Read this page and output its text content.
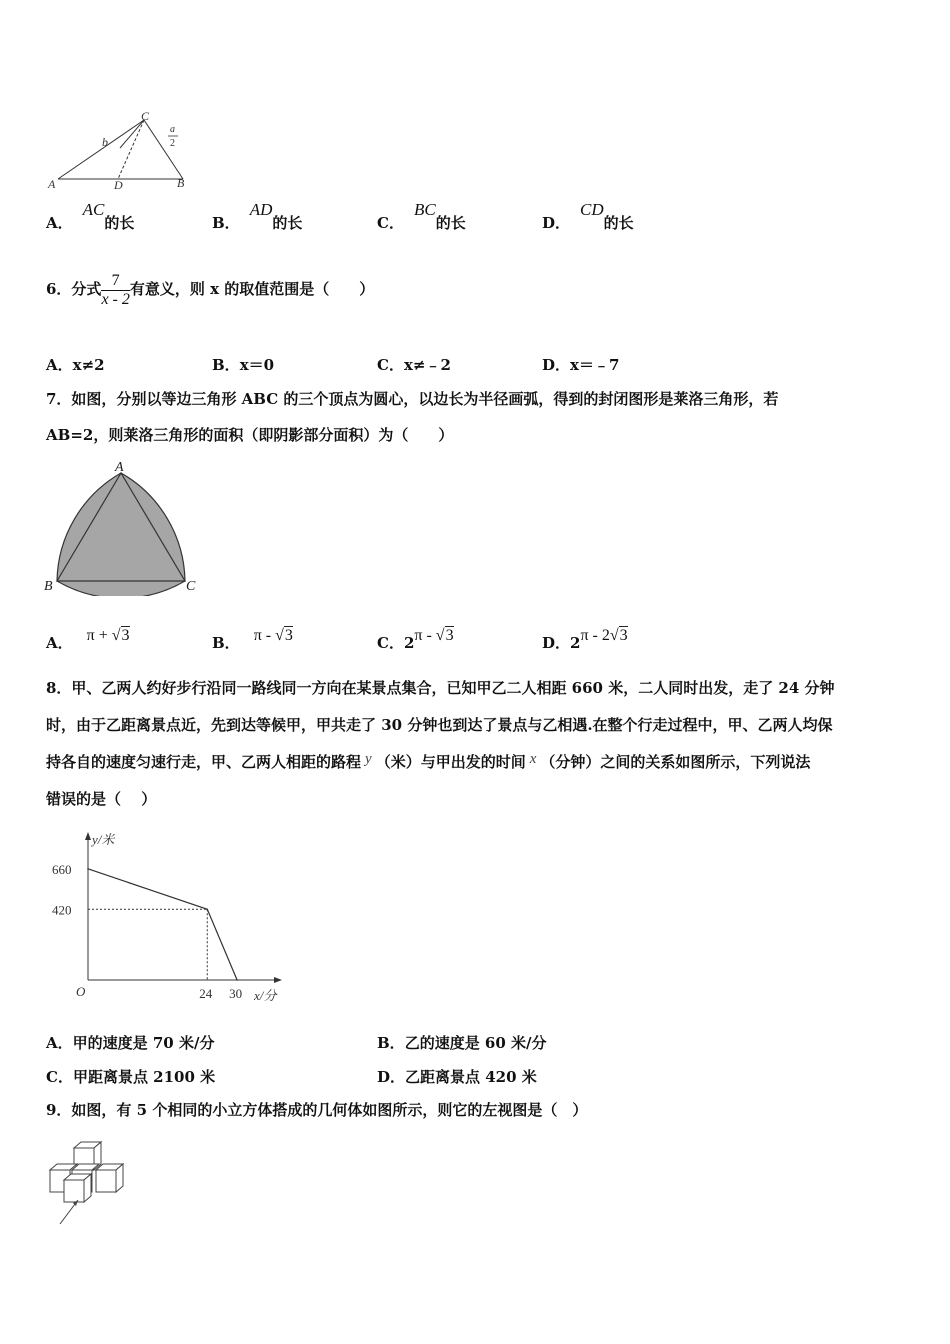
A	D	B
C
b
a
2
A．AC的长	B．AD的长	C．BC的长	D．CD的长
6．分式 $\frac{7}{x - 2}$ 有意义，则 x 的取值范围是（　　）
A．x≠2	B．x＝0	C．x≠﹣2	D．x＝﹣7
7．如图，分别以等边三角形 ABC 的三个顶点为圆心，以边长为半径画弧，得到的封闭图形是莱洛三角形，若
AB=2，则莱洛三角形的面积（即阴影部分面积）为（　　）
A
B	C
A． π + √3	B． π - √3	C．2π - √3	D．2π - 2√3
8．甲、乙两人约好步行沿同一路线同一方向在某景点集合，已知甲乙二人相距 660 米，二人同时出发，走了 24 分钟
时，由于乙距离景点近，先到达等候甲，甲共走了 30 分钟也到达了景点与乙相遇.在整个行走过程中，甲、乙两人均保
持各自的速度匀速行走，甲、乙两人相距的路程 y （米）与甲出发的时间 x （分钟）之间的关系如图所示，下列说法
错误的是（　 ）
y/米
x/分
O
660
420
24 30
A．甲的速度是 70 米/分	B．乙的速度是 60 米/分
C．甲距离景点 2100 米	D．乙距离景点 420 米
9．如图，有 5 个相同的小立方体搭成的几何体如图所示，则它的左视图是（　）
